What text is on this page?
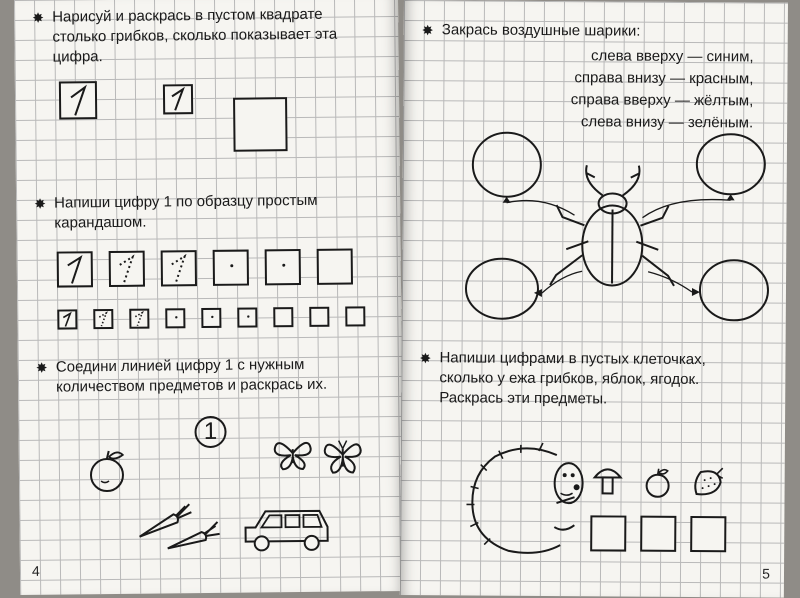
✸ Нарисуй и раскрась в пустом квадрате столько грибков, сколько показывает эта цифра.

✸ Напиши цифру 1 по образцу простым карандашом.

✸ Соедини линией цифру 1 с нужным количеством предметов и раскрась их.

1
4
✸ Закрась воздушные шарики:

слева вверху — синим,
справа внизу — красным,
справа вверху — жёлтым,
слева внизу — зелёным.
✸ Напиши цифрами в пустых клеточках, сколько у ежа грибков, яблок, ягодок. Раскрась эти предметы.

5
